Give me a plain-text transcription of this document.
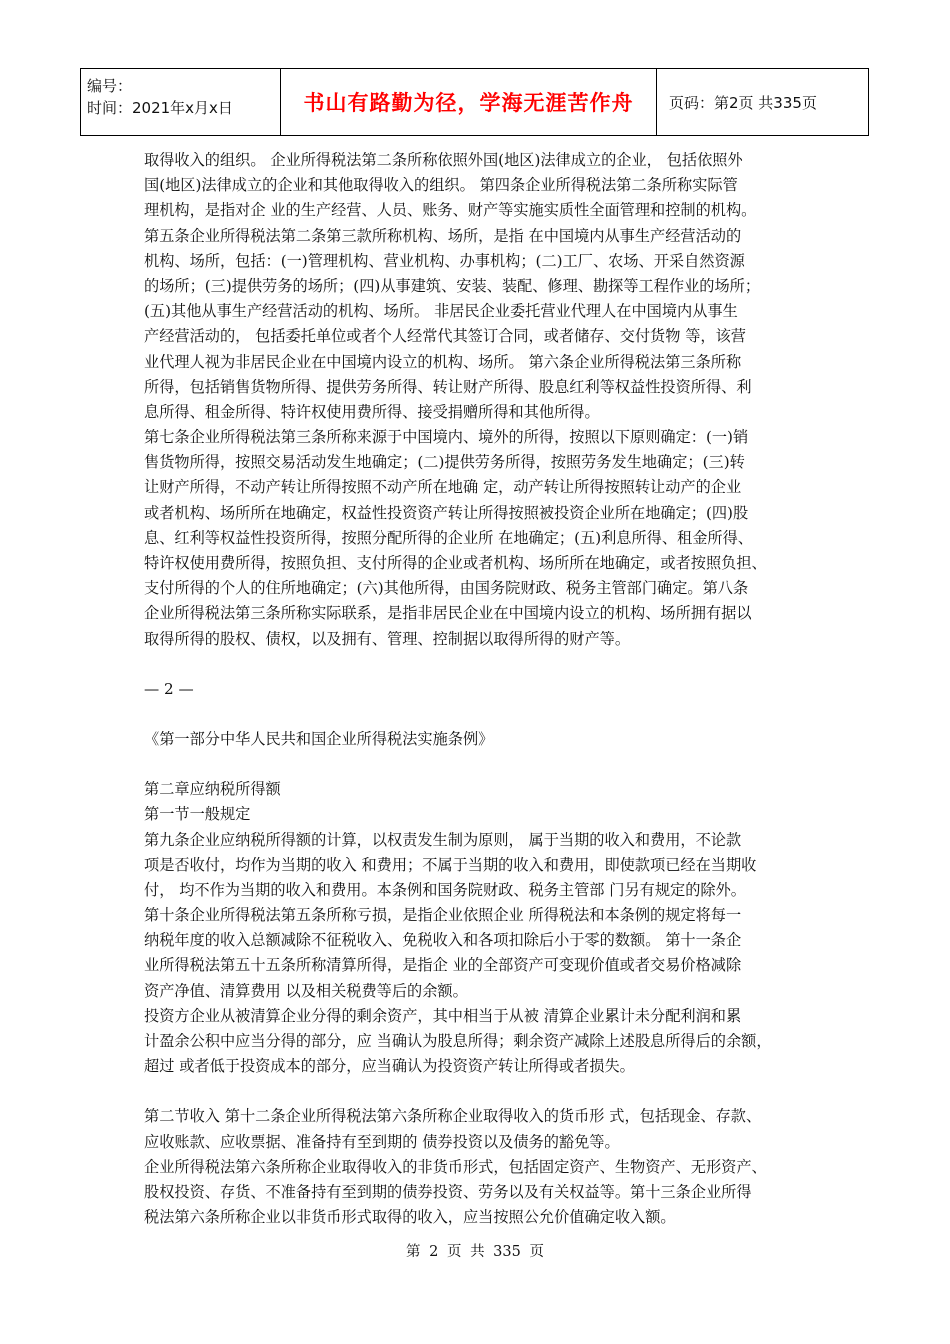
编号：
时间：2021年x月x日	书山有路勤为径，学海无涯苦作舟	页码：第2页 共335页
取得收入的组织。 企业所得税法第二条所称依照外国(地区)法律成立的企业， 包括依照外
国(地区)法律成立的企业和其他取得收入的组织。 第四条企业所得税法第二条所称实际管
理机构，是指对企 业的生产经营、人员、账务、财产等实施实质性全面管理和控制的机构。
第五条企业所得税法第二条第三款所称机构、场所，是指 在中国境内从事生产经营活动的
机构、场所，包括：(一)管理机构、营业机构、办事机构；(二)工厂、农场、开采自然资源
的场所；(三)提供劳务的场所；(四)从事建筑、安装、装配、修理、勘探等工程作业的场所；
(五)其他从事生产经营活动的机构、场所。 非居民企业委托营业代理人在中国境内从事生
产经营活动的， 包括委托单位或者个人经常代其签订合同，或者储存、交付货物 等，该营
业代理人视为非居民企业在中国境内设立的机构、场所。 第六条企业所得税法第三条所称
所得，包括销售货物所得、提供劳务所得、转让财产所得、股息红利等权益性投资所得、利
息所得、租金所得、特许权使用费所得、接受捐赠所得和其他所得。
第七条企业所得税法第三条所称来源于中国境内、境外的所得，按照以下原则确定：(一)销
售货物所得，按照交易活动发生地确定；(二)提供劳务所得，按照劳务发生地确定；(三)转
让财产所得，不动产转让所得按照不动产所在地确 定，动产转让所得按照转让动产的企业
或者机构、场所所在地确定，权益性投资资产转让所得按照被投资企业所在地确定；(四)股
息、红利等权益性投资所得，按照分配所得的企业所 在地确定；(五)利息所得、租金所得、
特许权使用费所得，按照负担、支付所得的企业或者机构、场所所在地确定，或者按照负担、
支付所得的个人的住所地确定；(六)其他所得，由国务院财政、税务主管部门确定。第八条
企业所得税法第三条所称实际联系，是指非居民企业在中国境内设立的机构、场所拥有据以
取得所得的股权、债权，以及拥有、管理、控制据以取得所得的财产等。
— 2 —
《第一部分中华人民共和国企业所得税法实施条例》
第二章应纳税所得额
第一节一般规定
第九条企业应纳税所得额的计算，以权责发生制为原则， 属于当期的收入和费用，不论款
项是否收付，均作为当期的收入 和费用；不属于当期的收入和费用，即使款项已经在当期收
付， 均不作为当期的收入和费用。本条例和国务院财政、税务主管部 门另有规定的除外。
第十条企业所得税法第五条所称亏损，是指企业依照企业 所得税法和本条例的规定将每一
纳税年度的收入总额减除不征税收入、免税收入和各项扣除后小于零的数额。 第十一条企
业所得税法第五十五条所称清算所得，是指企 业的全部资产可变现价值或者交易价格减除
资产净值、清算费用 以及相关税费等后的余额。
投资方企业从被清算企业分得的剩余资产，其中相当于从被 清算企业累计未分配利润和累
计盈余公积中应当分得的部分，应 当确认为股息所得；剩余资产减除上述股息所得后的余额，
超过 或者低于投资成本的部分，应当确认为投资资产转让所得或者损失。
第二节收入 第十二条企业所得税法第六条所称企业取得收入的货币形 式，包括现金、存款、
应收账款、应收票据、准备持有至到期的 债券投资以及债务的豁免等。
企业所得税法第六条所称企业取得收入的非货币形式，包括固定资产、生物资产、无形资产、
股权投资、存货、不准备持有至到期的债券投资、劳务以及有关权益等。第十三条企业所得
税法第六条所称企业以非货币形式取得的收入，应当按照公允价值确定收入额。
第 2 页 共 335 页
